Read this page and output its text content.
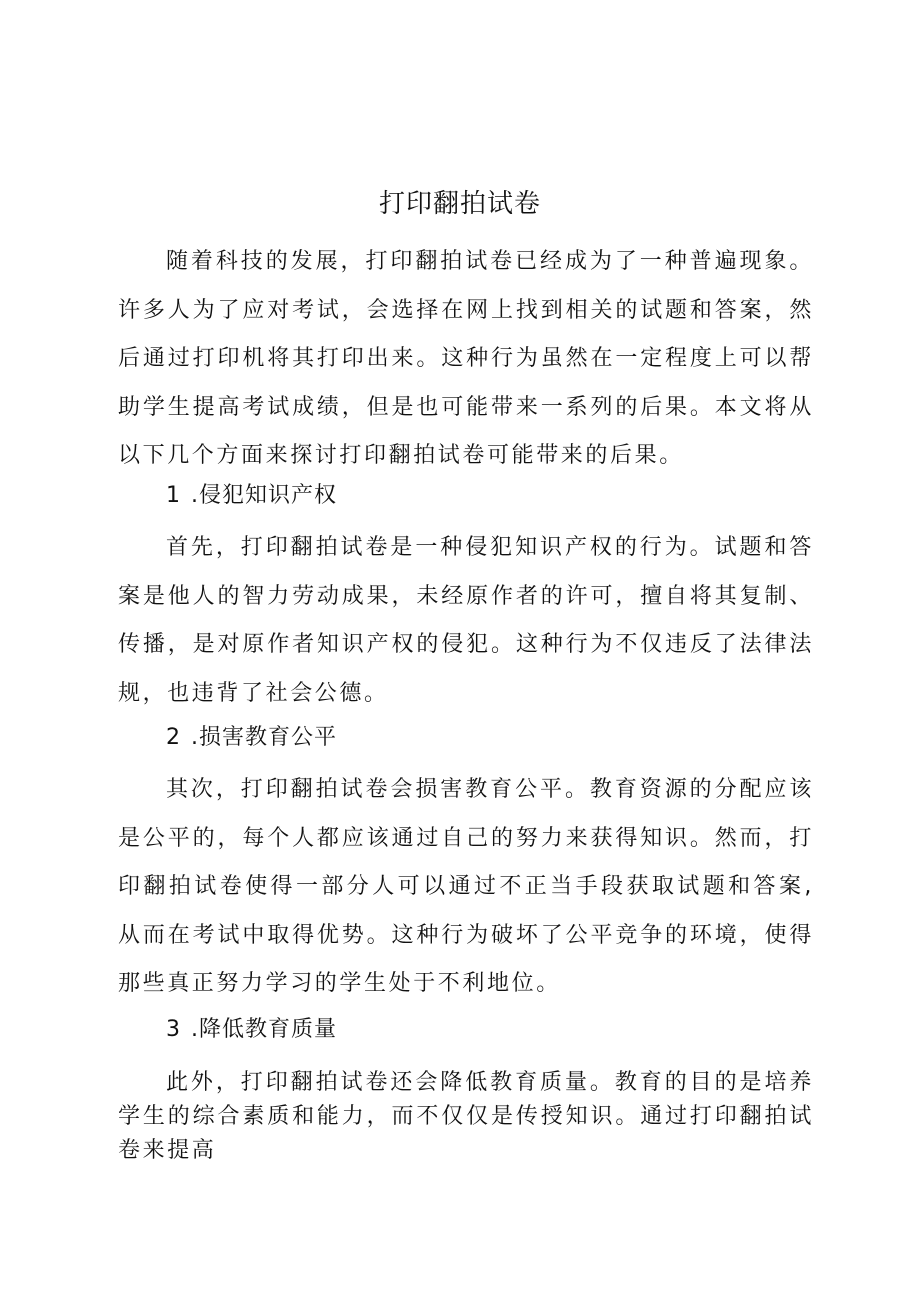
打印翻拍试卷

随着科技的发展，打印翻拍试卷已经成为了一种普遍现象。许多人为了应对考试，会选择在网上找到相关的试题和答案，然后通过打印机将其打印出来。这种行为虽然在一定程度上可以帮助学生提高考试成绩，但是也可能带来一系列的后果。本文将从以下几个方面来探讨打印翻拍试卷可能带来的后果。

1 .侵犯知识产权

首先，打印翻拍试卷是一种侵犯知识产权的行为。试题和答案是他人的智力劳动成果，未经原作者的许可，擅自将其复制、传播，是对原作者知识产权的侵犯。这种行为不仅违反了法律法规，也违背了社会公德。

2 .损害教育公平

其次，打印翻拍试卷会损害教育公平。教育资源的分配应该是公平的，每个人都应该通过自己的努力来获得知识。然而，打印翻拍试卷使得一部分人可以通过不正当手段获取试题和答案,从而在考试中取得优势。这种行为破坏了公平竞争的环境，使得那些真正努力学习的学生处于不利地位。

3 .降低教育质量

此外，打印翻拍试卷还会降低教育质量。教育的目的是培养学生的综合素质和能力，而不仅仅是传授知识。通过打印翻拍试卷来提高
